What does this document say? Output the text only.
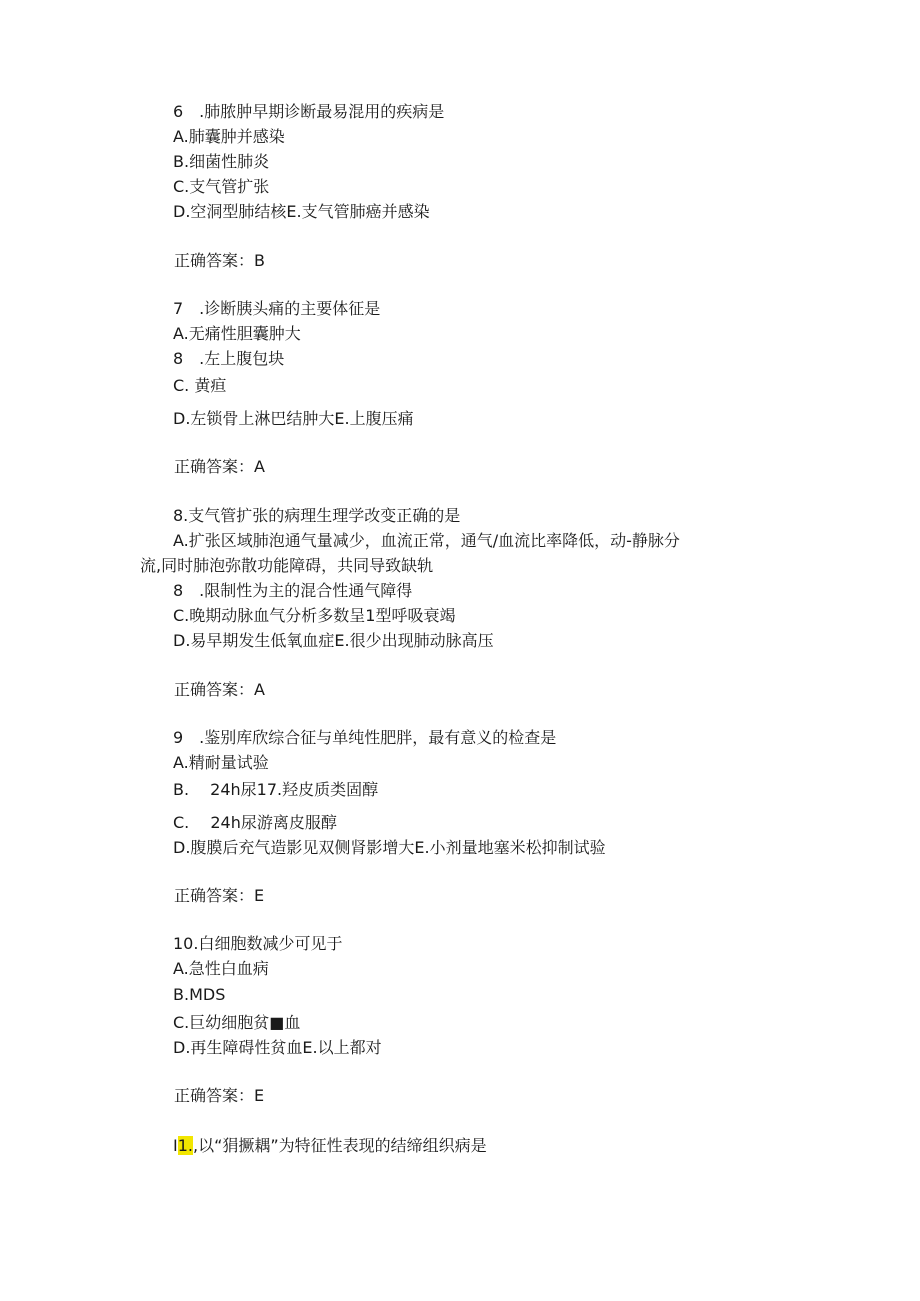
6　.肺脓肿早期诊断最易混用的疾病是
A.肺囊肿并感染
B.细菌性肺炎
C.支气管扩张
D.空洞型肺结核E.支气管肺癌并感染
正确答案：B
7　.诊断胰头痛的主要体征是
A.无痛性胆囊肿大
8　.左上腹包块
C. 黄疸
D.左锁骨上淋巴结肿大E.上腹压痛
正确答案：A
8.支气管扩张的病理生理学改变正确的是
A.扩张区域肺泡通气量减少，血流正常，通气/血流比率降低，动-静脉分
流,同时肺泡弥散功能障碍，共同导致缺轨
8　.限制性为主的混合性通气障得
C.晚期动脉血气分析多数呈1型呼吸衰竭
D.易早期发生低氧血症E.很少出现肺动脉高压
正确答案：A
9　.鉴别库欣综合征与单纯性肥胖，最有意义的检查是
A.精耐量试验
B.　 24h尿17.羟皮质类固醇
C.　 24h尿游离皮服醇
D.腹膜后充气造影见双侧肾影增大E.小剂量地塞米松抑制试验
正确答案：E
10.白细胞数减少可见于
A.急性白血病
B.MDS
C.巨幼细胞贫■血
D.再生障碍性贫血E.以上都对
正确答案：E
I1.,以“狷撅耦”为特征性表现的结缔组织病是
